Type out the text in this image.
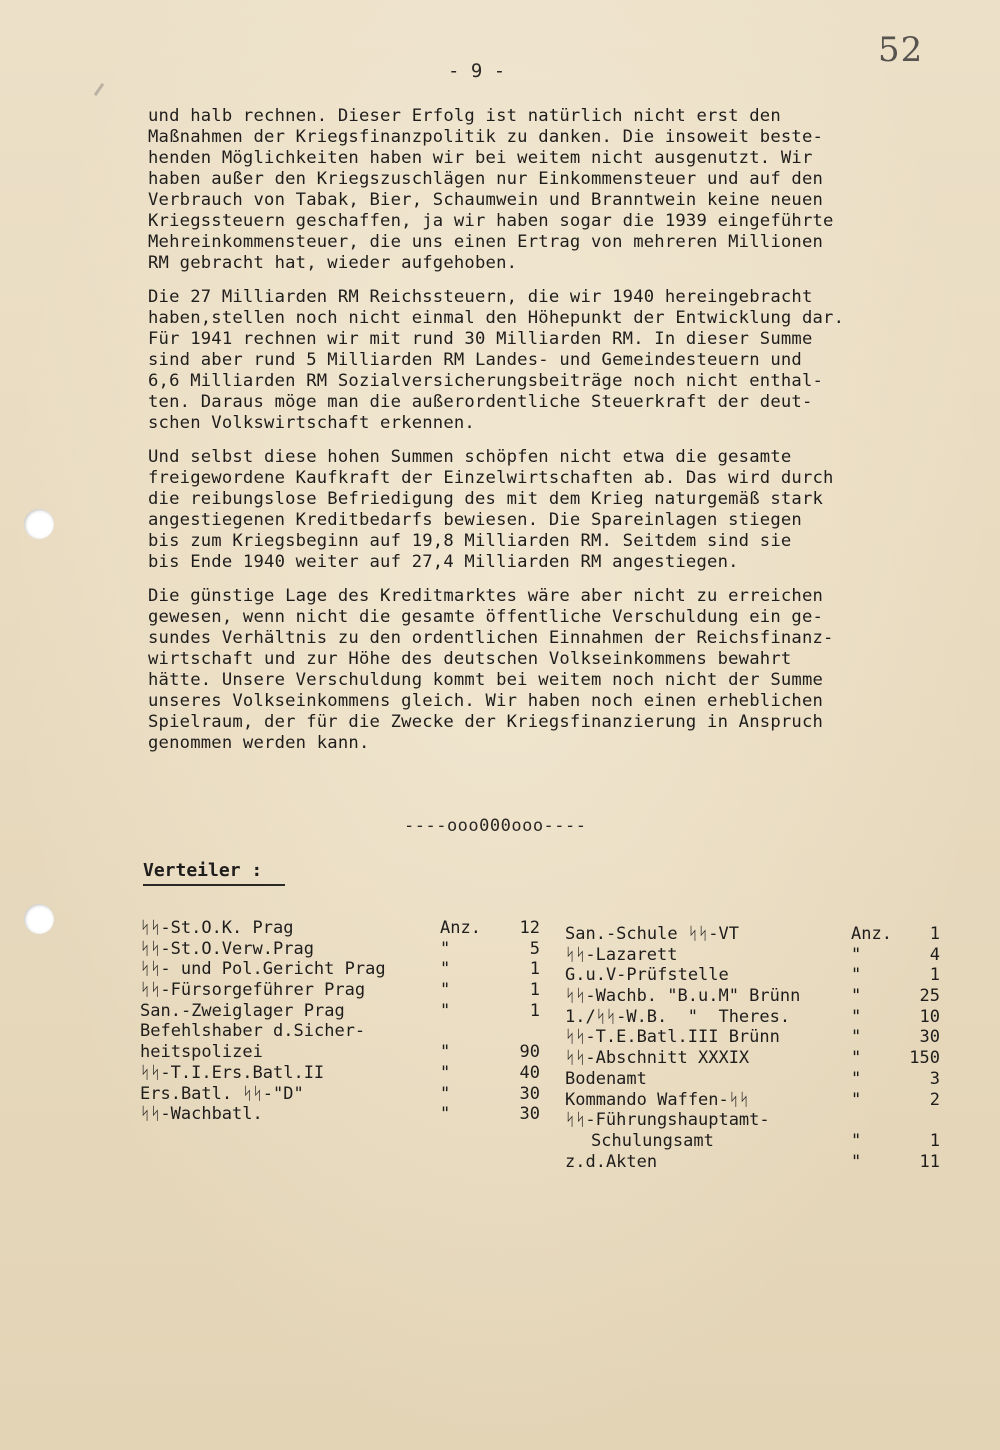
52
- 9 -
und halb rechnen. Dieser Erfolg ist natürlich nicht erst den
Maßnahmen der Kriegsfinanzpolitik zu danken. Die insoweit beste-
henden Möglichkeiten haben wir bei weitem nicht ausgenutzt. Wir
haben außer den Kriegszuschlägen nur Einkommensteuer und auf den
Verbrauch von Tabak, Bier, Schaumwein und Branntwein keine neuen
Kriegssteuern geschaffen, ja wir haben sogar die 1939 eingeführte
Mehreinkommensteuer, die uns einen Ertrag von mehreren Millionen
RM gebracht hat, wieder aufgehoben.
Die 27 Milliarden RM Reichssteuern, die wir 1940 hereingebracht
haben,stellen noch nicht einmal den Höhepunkt der Entwicklung dar.
Für 1941 rechnen wir mit rund 30 Milliarden RM. In dieser Summe
sind aber rund 5 Milliarden RM Landes- und Gemeindesteuern und
6,6 Milliarden RM Sozialversicherungsbeiträge noch nicht enthal-
ten. Daraus möge man die außerordentliche Steuerkraft der deut-
schen Volkswirtschaft erkennen.
Und selbst diese hohen Summen schöpfen nicht etwa die gesamte
freigewordene Kaufkraft der Einzelwirtschaften ab. Das wird durch
die reibungslose Befriedigung des mit dem Krieg naturgemäß stark
angestiegenen Kreditbedarfs bewiesen. Die Spareinlagen stiegen
bis zum Kriegsbeginn auf 19,8 Milliarden RM. Seitdem sind sie
bis Ende 1940 weiter auf 27,4 Milliarden RM angestiegen.
Die günstige Lage des Kreditmarktes wäre aber nicht zu erreichen
gewesen, wenn nicht die gesamte öffentliche Verschuldung ein ge-
sundes Verhältnis zu den ordentlichen Einnahmen der Reichsfinanz-
wirtschaft und zur Höhe des deutschen Volkseinkommens bewahrt
hätte. Unsere Verschuldung kommt bei weitem noch nicht der Summe
unseres Volkseinkommens gleich. Wir haben noch einen erheblichen
Spielraum, der für die Zwecke der Kriegsfinanzierung in Anspruch
genommen werden kann.
----ooo000ooo----
Verteiler :
ᛋᛋ-St.O.K. Prag	Anz. 12
ᛋᛋ-St.O.Verw.Prag	"	5
ᛋᛋ- und Pol.Gericht Prag	"	1
ᛋᛋ-Fürsorgeführer Prag	"	1
San.-Zweiglager Prag	"	1
Befehlshaber d.Sicher-
heitspolizei	"	90
ᛋᛋ-T.I.Ers.Batl.II	"	40
Ers.Batl. ᛋᛋ-"D"	"	30
ᛋᛋ-Wachbatl.	"	30
San.-Schule ᛋᛋ-VT	Anz. 1
ᛋᛋ-Lazarett	"	4
G.u.V-Prüfstelle	"	1
ᛋᛋ-Wachb. "B.u.M" Brünn	"	25
1./ᛋᛋ-W.B.  "  Theres.	"	10
ᛋᛋ-T.E.Batl.III Brünn	"	30
ᛋᛋ-Abschnitt XXXIX	"	150
Bodenamt	"	3
Kommando Waffen-ᛋᛋ	"	2
ᛋᛋ-Führungshauptamt-
Schulungsamt	"	1
z.d.Akten	"	11
